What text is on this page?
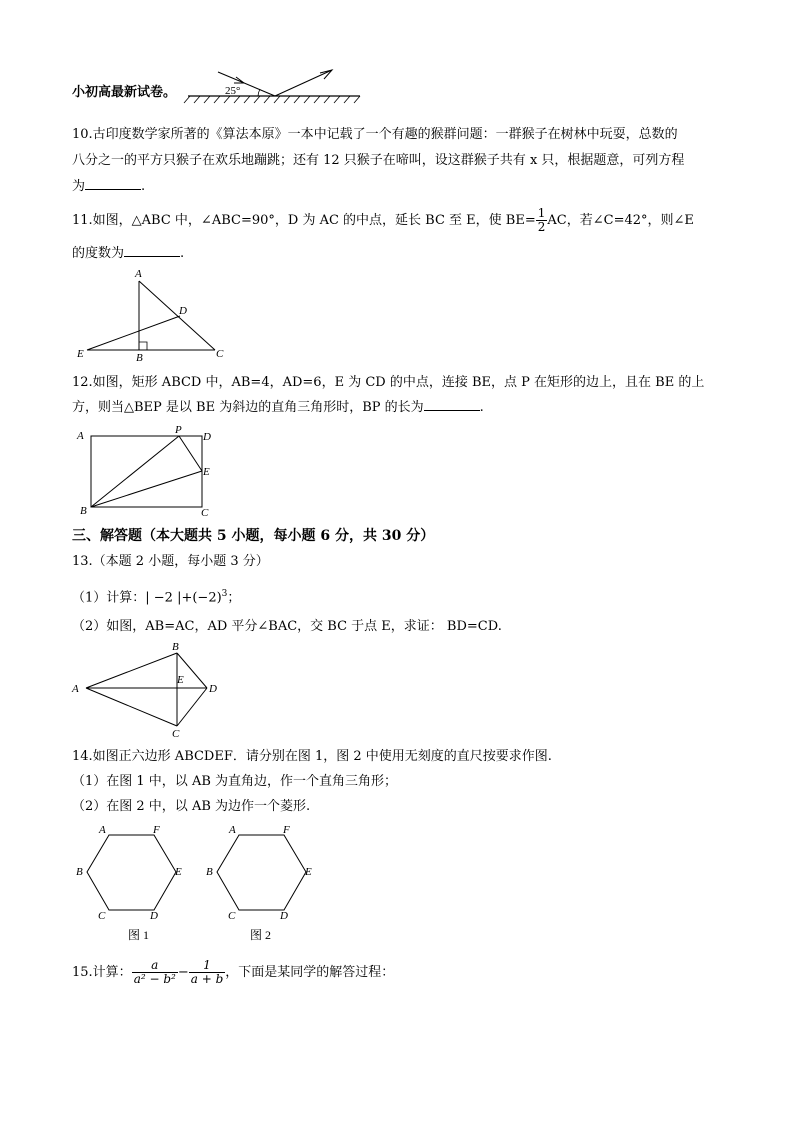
小初高最新试卷。	25°
10.古印度数学家所著的《算法本原》一本中记载了一个有趣的猴群问题：一群猴子在树林中玩耍，总数的
八分之一的平方只猴子在欢乐地蹦跳；还有 12 只猴子在啼叫，设这群猴子共有 x 只，根据题意，可列方程
为	.
11.如图，△ABC 中，∠ABC=90°，D 为 AC 的中点，延长 BC 至 E，使 $BE= \frac{1}{2}$ AC，若∠C=42°，则∠E
的度数为	.
A
D
E	B	C
12.如图，矩形 ABCD 中，AB=4，AD=6，E 为 CD 的中点，连接 BE，点 P 在矩形的边上，且在 BE 的上
方，则当△BEP 是以 BE 为斜边的直角三角形时，BP 的长为	.
A	P
D
E
B	C
三、解答题（本大题共 5 小题，每小题 6 分，共 30 分）
13.（本题 2 小题，每小题 3 分）
（1）计算：| −2 $|+(-2)^3$；
（2）如图，AB=AC，AD 平分∠BAC，交 BC 于点 E，求证： BD=CD.
A
B
C
D
E
14.如图正六边形 ABCDEF．请分别在图 1，图 2 中使用无刻度的直尺按要求作图.
（1）在图 1 中，以 AB 为直角边，作一个直角三角形；
（2）在图 2 中，以 AB 为边作一个菱形.
A	F
B	E
C	D
图 1
A	F
B	E
C	D
图 2
15.计算： $\frac{a}{\text{a² − b²}} - \frac{1}{a + b}$ ，下面是某同学的解答过程：
